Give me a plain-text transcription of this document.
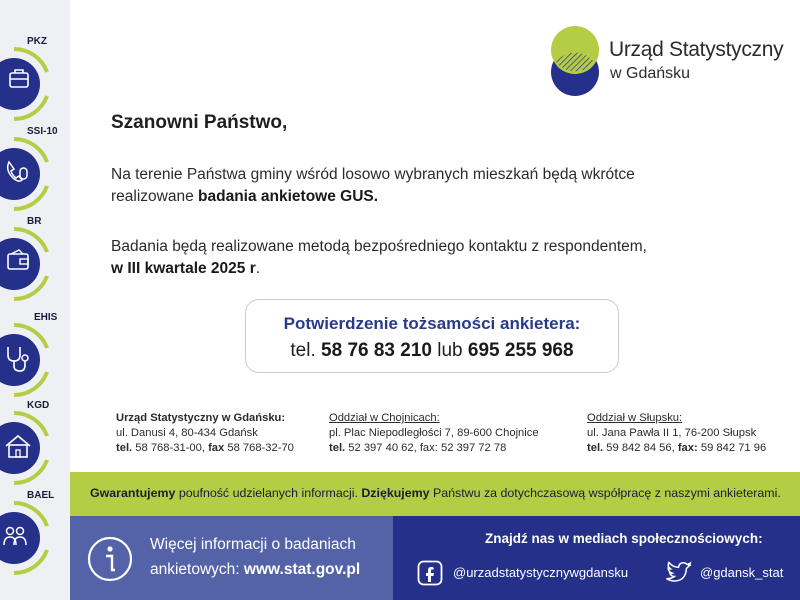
PKZ
SSI-10
BR
EHIS
KGD
BAEL
Urząd Statystyczny
w Gdańsku
Szanowni Państwo,
Na terenie Państwa gminy wśród losowo wybranych mieszkań będą wkrótce
realizowane badania ankietowe GUS.
Badania będą realizowane metodą bezpośredniego kontaktu z respondentem,
w III kwartale 2025 r.
Potwierdzenie tożsamości ankietera:
tel. 58 76 83 210 lub 695 255 968
Urząd Statystyczny w Gdańsku:
ul. Danusi 4, 80-434 Gdańsk
tel. 58 768-31-00, fax 58 768-32-70
Oddział w Chojnicach:
pl. Plac Niepodległości 7, 89-600 Chojnice
tel. 52 397 40 62, fax: 52 397 72 78
Oddział w Słupsku:
ul. Jana Pawła II 1, 76-200 Słupsk
tel. 59 842 84 56, fax: 59 842 71 96
Gwarantujemy poufność udzielanych informacji. Dziękujemy Państwu za dotychczasową współpracę z naszymi ankieterami.
Więcej informacji o badaniach
ankietowych: www.stat.gov.pl
Znajdź nas w mediach społecznościowych:
@urzadstatystycznywgdansku	@gdansk_stat
